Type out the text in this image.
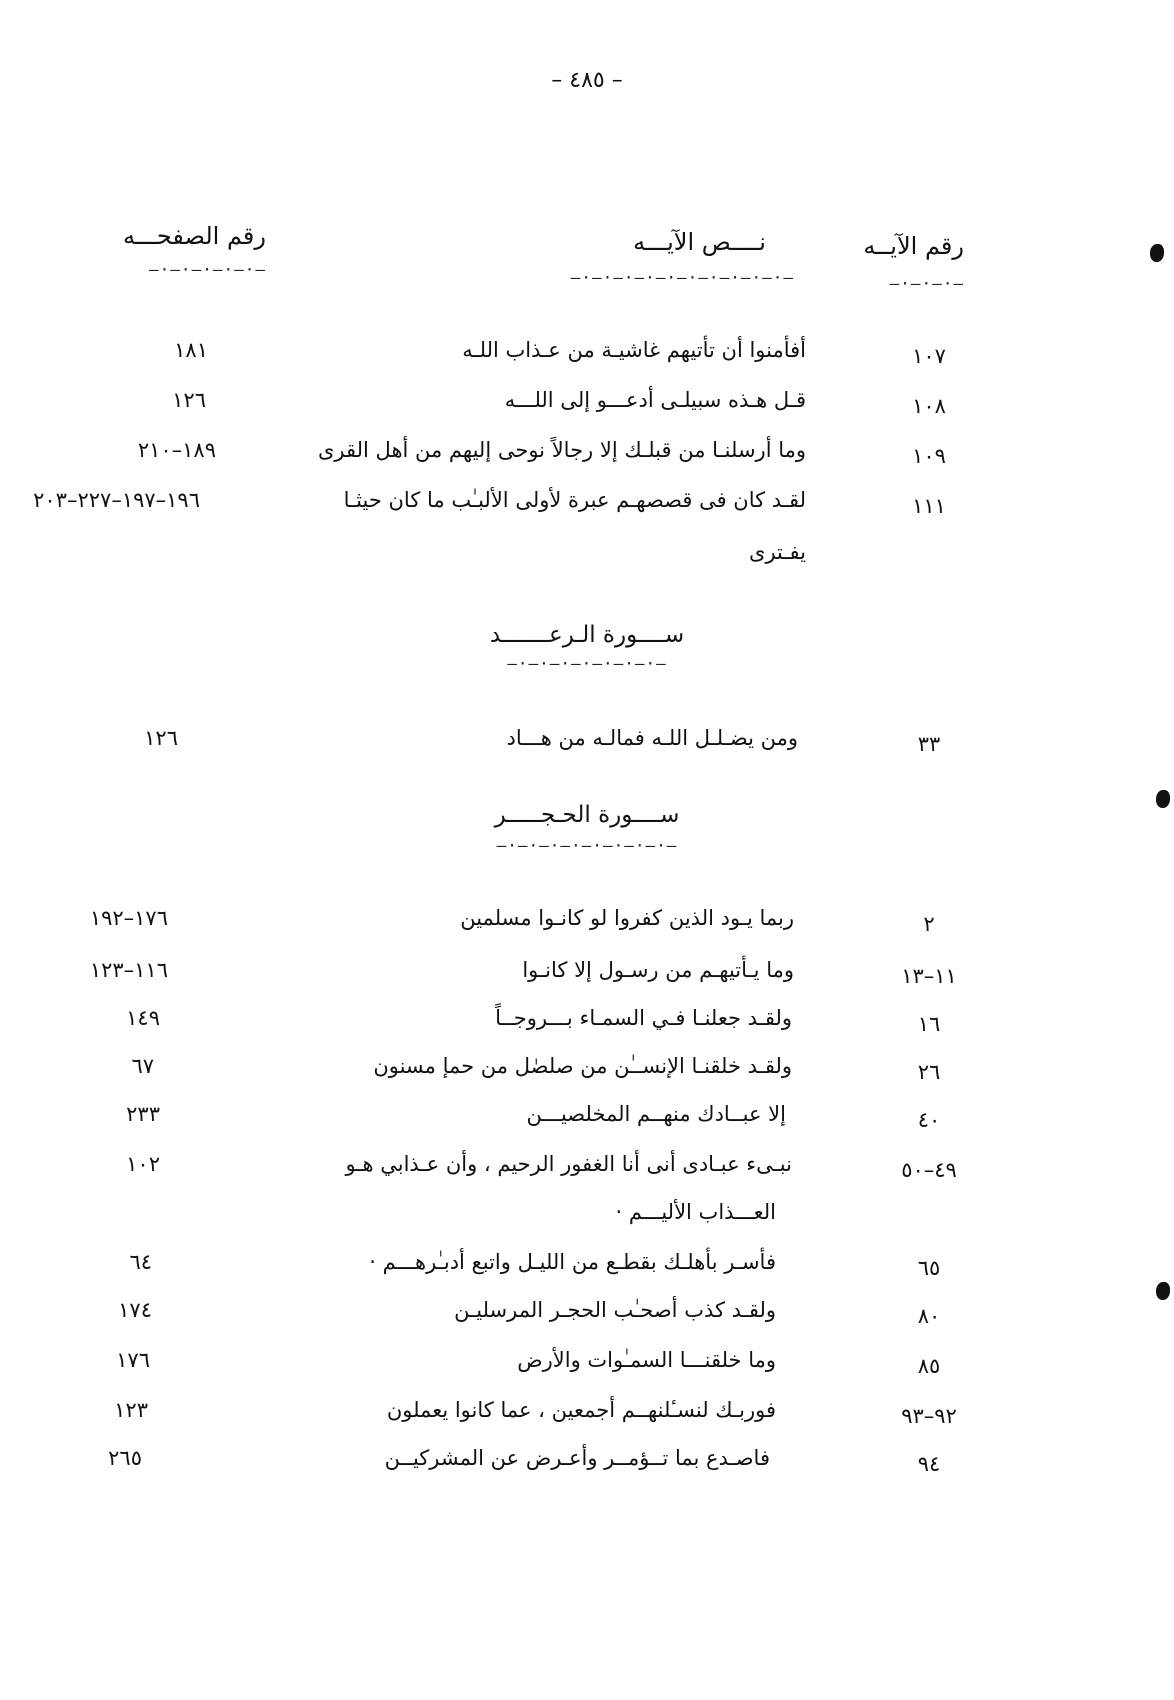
– ٤٨٥ –
رقم الآيــه
نــــص الآيـــه
رقم الصفحـــه
—·—·—·—
—·—·—·—·—·—·—·—·—·—·—
—·—·—·—·—·—
١٠٧
أفأمنوا أن تأتيهم غاشيـة من عـذاب اللـه
١٨١
١٠٨
قـل هـذه سبيلـى أدعـــو إلى اللـــه
١٢٦
١٠٩
وما أرسلنـا من قبلـك إلا رجالاً نوحى إليهم من أهل القرى
١٨٩–٢١٠
١١١
لقـد كان فى قصصهـم عبرة لأولى الألبـٰب ما كان حيثـا
١٩٦–١٩٧–٢٢٧–٢٠٣
يفـترى
ســــورة الـرعـــــــد
—·—·—·—·—·—·—·—
٣٣
ومن يضـلـل اللـه فمالـه من هـــاد
١٢٦
ســــورة الحـجـــــر
—·—·—·—·—·—·—·—·—
٢
ربما يـود الذين كفروا لو كانـوا مسلمين
١٧٦–١٩٢
١١–١٣
وما يـأتيهـم من رسـول إلا كانـوا
١١٦–١٢٣
١٦
ولقـد جعلنـا فـي السمـاء بـــروجــاً
١٤٩
٢٦
ولقـد خلقنـا الإنســٰن من صلصٰل من حمإ مسنون
٦٧
٤٠
إلا عبــادك منهــم المخلصيـــن
٢٣٣
٤٩–٥٠
نبـىء عبـادى أنى أنا الغفور الرحيم ، وأن عـذابي هـو
١٠٢
العـــذاب الأليـــم ·
٦٥
فأسـر بأهلـك بقطـع من الليـل واتبع أدبـٰرهـــم ·
٦٤
٨٠
ولقـد كذب أصحـٰب الحجـر المرسليـن
١٧٤
٨٥
وما خلقنـــا السمـٰوات والأرض
١٧٦
٩٢–٩٣
فوربـك لنسـٔلنهــم أجمعين ، عما كانوا يعملون
١٢٣
٩٤
فاصـدع بما تــؤمــر وأعـرض عن المشركيــن
٢٦٥
